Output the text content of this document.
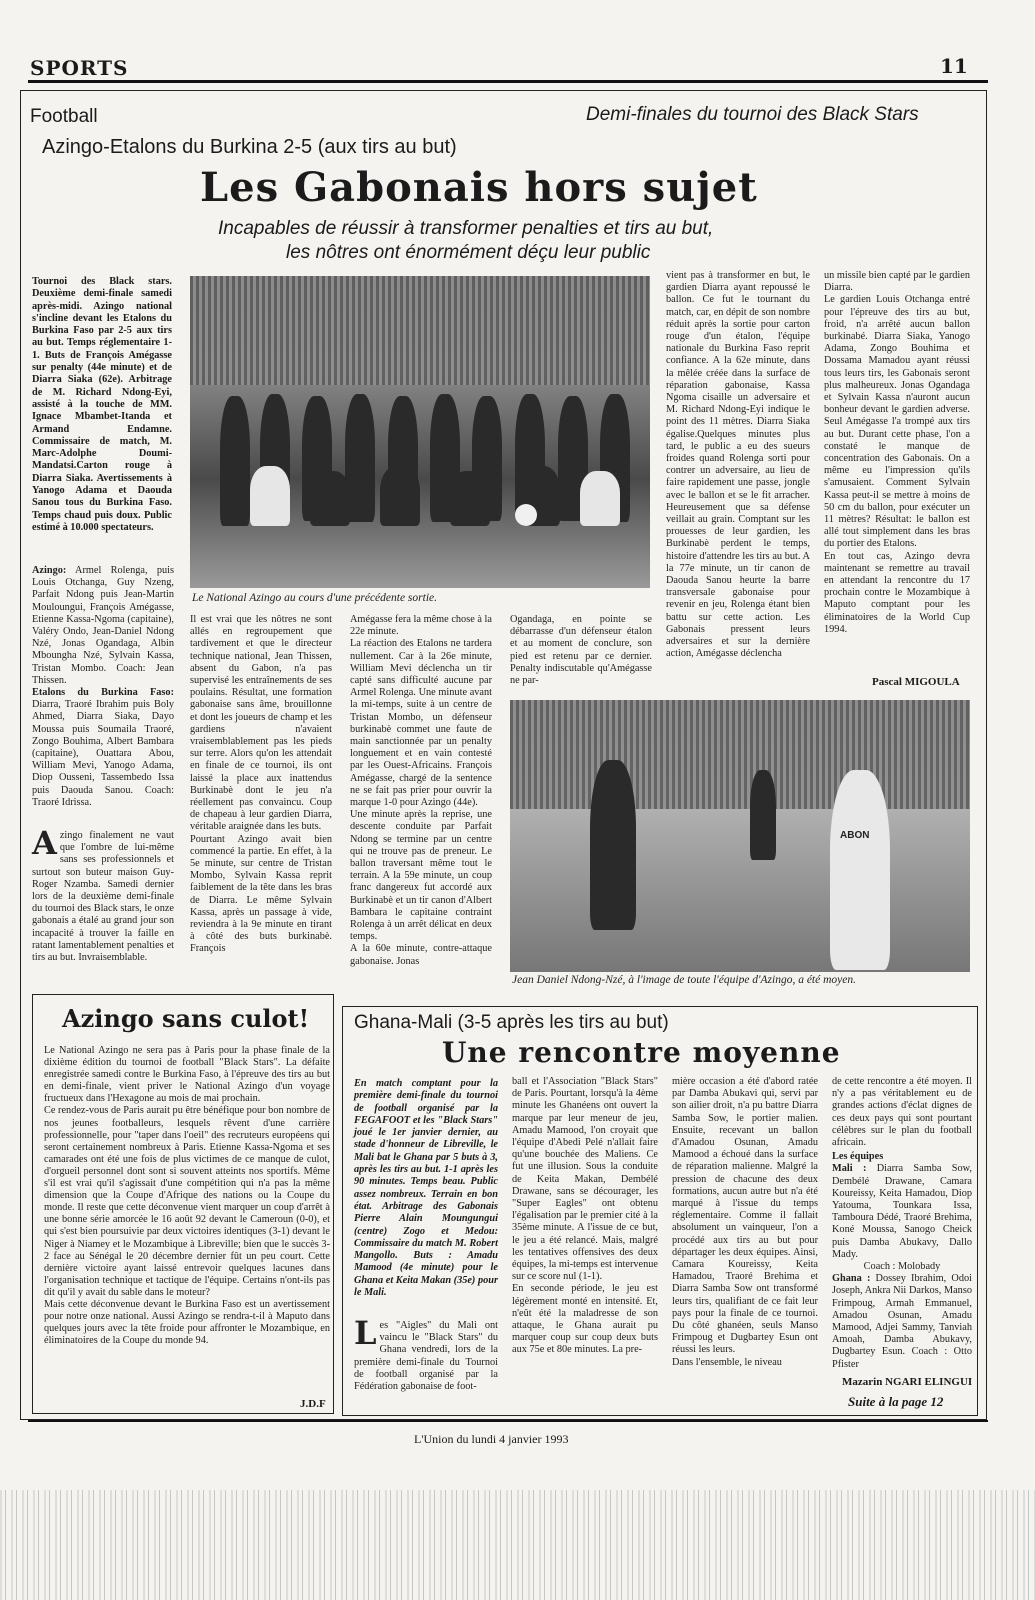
SPORTS	11
Football	Demi-finales du tournoi des Black Stars
Azingo-Etalons du Burkina 2-5 (aux tirs au but)
Les Gabonais hors sujet
Incapables de réussir à transformer penalties et tirs au but,
les nôtres ont énormément déçu leur public
Tournoi des Black stars. Deuxième demi-finale samedi après-midi. Azingo national s'incline devant les Etalons du Burkina Faso par 2-5 aux tirs au but. Temps réglementaire 1-1. Buts de François Amégasse sur penalty (44e minute) et de Diarra Siaka (62e). Arbitrage de M. Richard Ndong-Eyi, assisté à la touche de MM. Ignace Mbambet-Itanda et Armand Endamne. Commissaire de match, M. Marc-Adolphe Doumi-Mandatsi.Carton rouge à Diarra Siaka. Avertissements à Yanogo Adama et Daouda Sanou tous du Burkina Faso. Temps chaud puis doux. Public estimé à 10.000 spectateurs.
Azingo: Armel Rolenga, puis Louis Otchanga, Guy Nzeng, Parfait Ndong puis Jean-Martin Mouloungui, François Amégasse, Etienne Kassa-Ngoma (capitaine), Valéry Ondo, Jean-Daniel Ndong Nzé, Jonas Ogandaga, Albin Mboungha Nzé, Sylvain Kassa, Tristan Mombo. Coach: Jean Thissen.
Etalons du Burkina Faso: Diarra, Traoré Ibrahim puis Boly Ahmed, Diarra Siaka, Dayo Moussa puis Soumaila Traoré, Zongo Bouhima, Albert Bambara (capitaine), Ouattara Abou, William Mevi, Yanogo Adama, Diop Ousseni, Tassembedo Issa puis Daouda Sanou. Coach: Traoré Idrissa.
Azingo finalement ne vaut que l'ombre de lui-même sans ses professionnels et surtout son buteur maison Guy-Roger Nzamba. Samedi dernier lors de la deuxième demi-finale du tournoi des Black stars, le onze gabonais a étalé au grand jour son incapacité à trouver la faille en ratant lamentablement penalties et tirs au but. Invraisemblable.
Le National Azingo au cours d'une précédente sortie.
Il est vrai que les nôtres ne sont allés en regroupement que tardivement et que le directeur technique national, Jean Thissen, absent du Gabon, n'a pas supervisé les entraînements de ses poulains. Résultat, une formation gabonaise sans âme, brouillonne et dont les joueurs de champ et les gardiens n'avaient vraisemblablement pas les pieds sur terre. Alors qu'on les attendait en finale de ce tournoi, ils ont laissé la place aux inattendus Burkinabè dont le jeu n'a réellement pas convaincu. Coup de chapeau à leur gardien Diarra, véritable araignée dans les buts.
Pourtant Azingo avait bien commencé la partie. En effet, à la 5e minute, sur centre de Tristan Mombo, Sylvain Kassa reprit faiblement de la tête dans les bras de Diarra. Le même Sylvain Kassa, après un passage à vide, reviendra à la 9e minute en tirant à côté des buts burkinabè. François
Amégasse fera la même chose à la 22e minute.
La réaction des Etalons ne tardera nullement. Car à la 26e minute, William Mevi déclencha un tir capté sans difficulté aucune par Armel Rolenga. Une minute avant la mi-temps, suite à un centre de Tristan Mombo, un défenseur burkinabè commet une faute de main sanctionnée par un penalty longuement et en vain contesté par les Ouest-Africains. François Amégasse, chargé de la sentence ne se fait pas prier pour ouvrir la marque 1-0 pour Azingo (44e).
Une minute après la reprise, une descente conduite par Parfait Ndong se termine par un centre qui ne trouve pas de preneur. Le ballon traversant même tout le terrain. A la 59e minute, un coup franc dangereux fut accordé aux Burkinabè et un tir canon d'Albert Bambara le capitaine contraint Rolenga à un arrêt délicat en deux temps.
A la 60e minute, contre-attaque gabonaise. Jonas
Ogandaga, en pointe se débarrasse d'un défenseur étalon et au moment de conclure, son pied est retenu par ce dernier. Penalty indiscutable qu'Amégasse ne par-
vient pas à transformer en but, le gardien Diarra ayant repoussé le ballon. Ce fut le tournant du match, car, en dépit de son nombre réduit après la sortie pour carton rouge d'un étalon, l'équipe nationale du Burkina Faso reprit confiance. A la 62e minute, dans la mêlée créée dans la surface de réparation gabonaise, Kassa Ngoma cisaille un adversaire et M. Richard Ndong-Eyi indique le point des 11 mètres. Diarra Siaka égalise.Quelques minutes plus tard, le public a eu des sueurs froides quand Rolenga sorti pour contrer un adversaire, au lieu de faire rapidement une passe, jongle avec le ballon et se le fit arracher. Heureusement que sa défense veillait au grain. Comptant sur les prouesses de leur gardien, les Burkinabè perdent le temps, histoire d'attendre les tirs au but. A la 77e minute, un tir canon de Daouda Sanou heurte la barre transversale gabonaise pour revenir en jeu, Rolenga étant bien battu sur cette action. Les Gabonais pressent leurs adversaires et sur la dernière action, Amégasse déclencha
un missile bien capté par le gardien Diarra.
Le gardien Louis Otchanga entré pour l'épreuve des tirs au but, froid, n'a arrêté aucun ballon burkinabé. Diarra Siaka, Yanogo Adama, Zongo Bouhima et Dossama Mamadou ayant réussi tous leurs tirs, les Gabonais seront plus malheureux. Jonas Ogandaga et Sylvain Kassa n'auront aucun bonheur devant le gardien adverse. Seul Amégasse l'a trompé aux tirs au but. Durant cette phase, l'on a constaté le manque de concentration des Gabonais. On a même eu l'impression qu'ils s'amusaient. Comment Sylvain Kassa peut-il se mettre à moins de 50 cm du ballon, pour exécuter un 11 mètres? Résultat: le ballon est allé tout simplement dans les bras du portier des Etalons.
En tout cas, Azingo devra maintenant se remettre au travail en attendant la rencontre du 17 prochain contre le Mozambique à Maputo comptant pour les éliminatoires de la World Cup 1994.
Pascal MIGOULA
ABON
Jean Daniel Ndong-Nzé, à l'image de toute l'équipe d'Azingo, a été moyen.
Azingo sans culot!
Le National Azingo ne sera pas à Paris pour la phase finale de la dixième édition du tournoi de football "Black Stars". La défaite enregistrée samedi contre le Burkina Faso, à l'épreuve des tirs au but en demi-finale, vient priver le National Azingo d'un voyage fructueux dans l'Hexagone au mois de mai prochain.
Ce rendez-vous de Paris aurait pu être bénéfique pour bon nombre de nos jeunes footballeurs, lesquels rêvent d'une carrière professionnelle, pour "taper dans l'oeil" des recruteurs européens qui seront certainement nombreux à Paris. Etienne Kassa-Ngoma et ses camarades ont été une fois de plus victimes de ce manque de culot, d'orgueil personnel dont sont si souvent atteints nos sportifs. Même s'il est vrai qu'il s'agissait d'une compétition qui n'a pas la même dimension que la Coupe d'Afrique des nations ou la Coupe du monde. Il reste que cette déconvenue vient marquer un coup d'arrêt à une bonne série amorcée le 16 août 92 devant le Cameroun (0-0), et qui s'est bien poursuivie par deux victoires identiques (3-1) devant le Niger à Niamey et le Mozambique à Libreville; bien que le succès 3-2 face au Sénégal le 20 décembre dernier fût un peu court. Cette dernière victoire ayant laissé entrevoir quelques lacunes dans l'organisation technique et tactique de l'équipe. Certains n'ont-ils pas dit qu'il y avait du sable dans le moteur?
Mais cette déconvenue devant le Burkina Faso est un avertissement pour notre onze national. Aussi Azingo se rendra-t-il à Maputo dans quelques jours avec la tête froide pour affronter le Mozambique, en éliminatoires de la Coupe du monde 94.
J.D.F
Ghana-Mali (3-5 après les tirs au but)
Une rencontre moyenne
En match comptant pour la première demi-finale du tournoi de football organisé par la FEGAFOOT et les "Black Stars" joué le 1er janvier dernier, au stade d'honneur de Libreville, le Mali bat le Ghana par 5 buts à 3, après les tirs au but. 1-1 après les 90 minutes. Temps beau. Public assez nombreux. Terrain en bon état. Arbitrage des Gabonais Pierre Alain Moungungui (centre) Zogo et Medou: Commissaire du match M. Robert Mangollo. Buts : Amadu Mamood (4e minute) pour le Ghana et Keita Makan (35e) pour le Mali.
Les "Aigles" du Mali ont vaincu le "Black Stars" du Ghana vendredi, lors de la première demi-finale du Tournoi de football organisé par la Fédération gabonaise de foot-
ball et l'Association "Black Stars" de Paris. Pourtant, lorsqu'à la 4ème minute les Ghanéens ont ouvert la marque par leur meneur de jeu, Amadu Mamood, l'on croyait que l'équipe d'Abedi Pelé n'allait faire qu'une bouchée des Maliens. Ce fut une illusion. Sous la conduite de Keita Makan, Dembélé Drawane, sans se décourager, les "Super Eagles" ont obtenu l'égalisation par le premier cité à la 35ème minute. A l'issue de ce but, le jeu a été relancé. Mais, malgré les tentatives offensives des deux équipes, la mi-temps est intervenue sur ce score nul (1-1).
En seconde période, le jeu est légèrement monté en intensité. Et, n'eût été la maladresse de son attaque, le Ghana aurait pu marquer coup sur coup deux buts aux 75e et 80e minutes. La pre-
mière occasion a été d'abord ratée par Damba Abukavi qui, servi par son ailier droit, n'a pu battre Diarra Samba Sow, le portier malien. Ensuite, recevant un ballon d'Amadou Osunan, Amadu Mamood a échoué dans la surface de réparation malienne. Malgré la pression de chacune des deux formations, aucun autre but n'a été marqué à l'issue du temps réglementaire. Comme il fallait absolument un vainqueur, l'on a procédé aux tirs au but pour départager les deux équipes. Ainsi, Camara Koureissy, Keita Hamadou, Traoré Brehima et Diarra Samba Sow ont transformé leurs tirs, qualifiant de ce fait leur pays pour la finale de ce tournoi. Du côté ghanéen, seuls Manso Frimpoug et Dugbartey Esun ont réussi les leurs.
Dans l'ensemble, le niveau
de cette rencontre a été moyen. Il n'y a pas véritablement eu de grandes actions d'éclat dignes de ces deux pays qui sont pourtant célèbres sur le plan du football africain.
Les équipes
Mali : Diarra Samba Sow, Dembélé Drawane, Camara Koureissy, Keita Hamadou, Diop Yatouma, Tounkara Issa, Tamboura Dédé, Traoré Brehima, Koné Moussa, Sanogo Cheick puis Damba Abukavy, Dallo Mady.
Coach : Molobady
Ghana : Dossey Ibrahim, Odoi Joseph, Ankra Nii Darkos, Manso Frimpoug, Armah Emmanuel, Amadou Osunan, Amadu Mamood, Adjei Sammy, Tanviah Amoah, Damba Abukavy, Dugbartey Esun. Coach : Otto Pfister
Mazarin NGARI ELINGUI
Suite à la page 12
L'Union du lundi 4 janvier 1993
